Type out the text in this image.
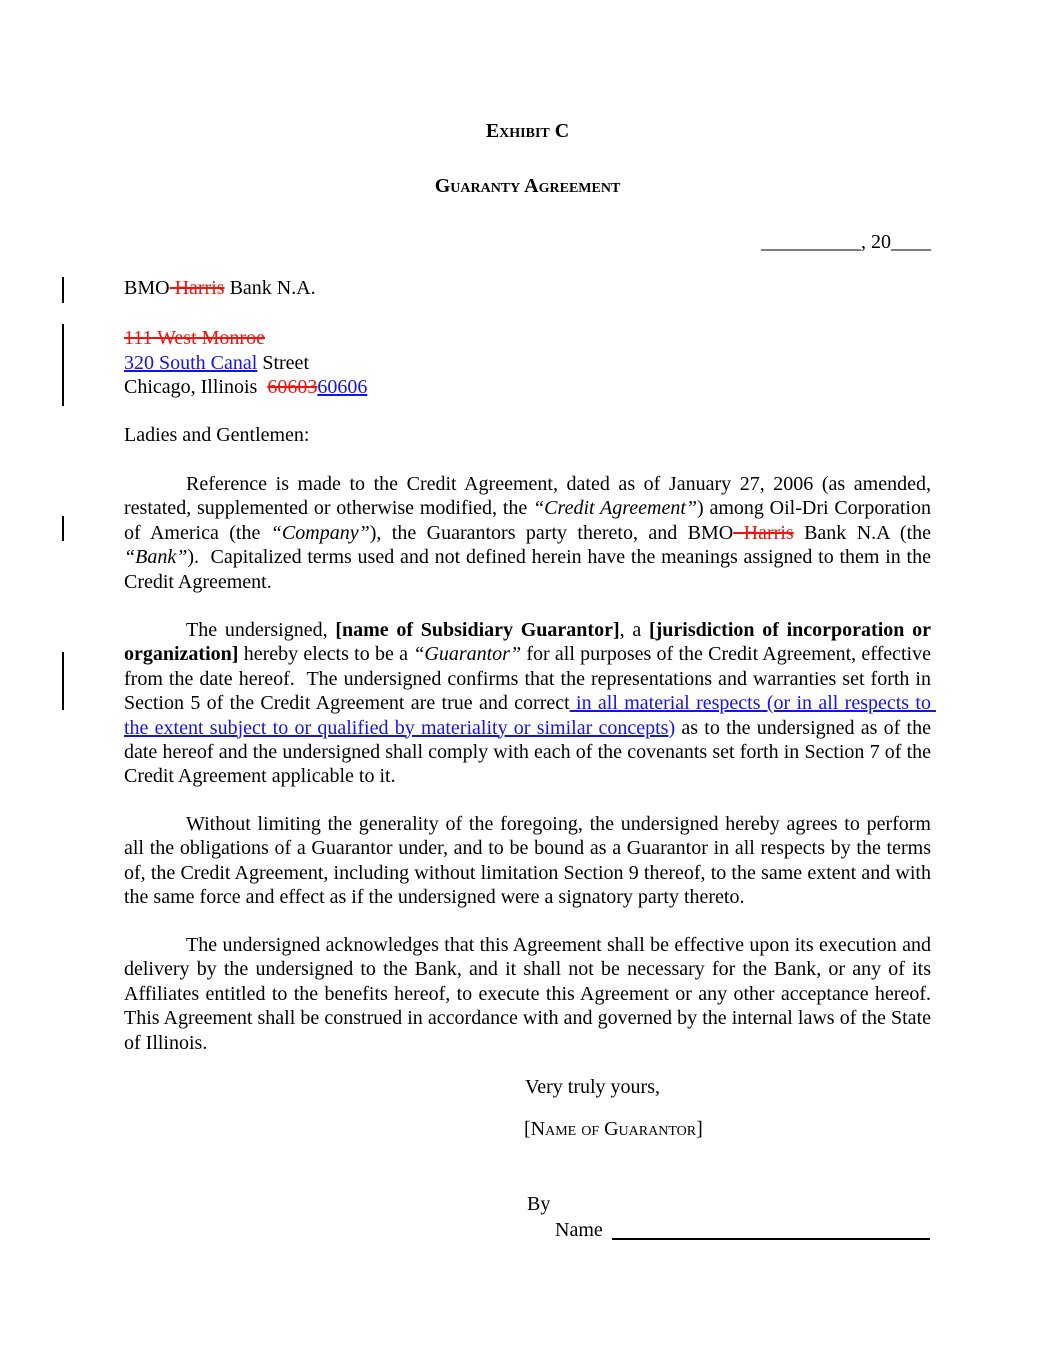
Exhibit C
Guaranty Agreement
__________, 20____
BMO Harris Bank N.A.
111 West Monroe
320 South Canal Street
Chicago, Illinois  6060360606
Ladies and Gentlemen:
Reference is made to the Credit Agreement, dated as of January 27, 2006 (as amended, restated, supplemented or otherwise modified, the “Credit Agreement”) among Oil-Dri Corporation of America (the “Company”), the Guarantors party thereto, and BMO Harris Bank N.A (the “Bank”).  Capitalized terms used and not defined herein have the meanings assigned to them in the Credit Agreement.
The undersigned, [name of Subsidiary Guarantor], a [jurisdiction of incorporation or organization] hereby elects to be a “Guarantor” for all purposes of the Credit Agreement, effective from the date hereof.  The undersigned confirms that the representations and warranties set forth in Section 5 of the Credit Agreement are true and correct in all material respects (or in all respects to the extent subject to or qualified by materiality or similar concepts) as to the undersigned as of the date hereof and the undersigned shall comply with each of the covenants set forth in Section 7 of the Credit Agreement applicable to it.
Without limiting the generality of the foregoing, the undersigned hereby agrees to perform all the obligations of a Guarantor under, and to be bound as a Guarantor in all respects by the terms of, the Credit Agreement, including without limitation Section 9 thereof, to the same extent and with the same force and effect as if the undersigned were a signatory party thereto.
The undersigned acknowledges that this Agreement shall be effective upon its execution and delivery by the undersigned to the Bank, and it shall not be necessary for the Bank, or any of its Affiliates entitled to the benefits hereof, to execute this Agreement or any other acceptance hereof.  This Agreement shall be construed in accordance with and governed by the internal laws of the State of Illinois.
Very truly yours,
[Name of Guarantor]
By
Name
